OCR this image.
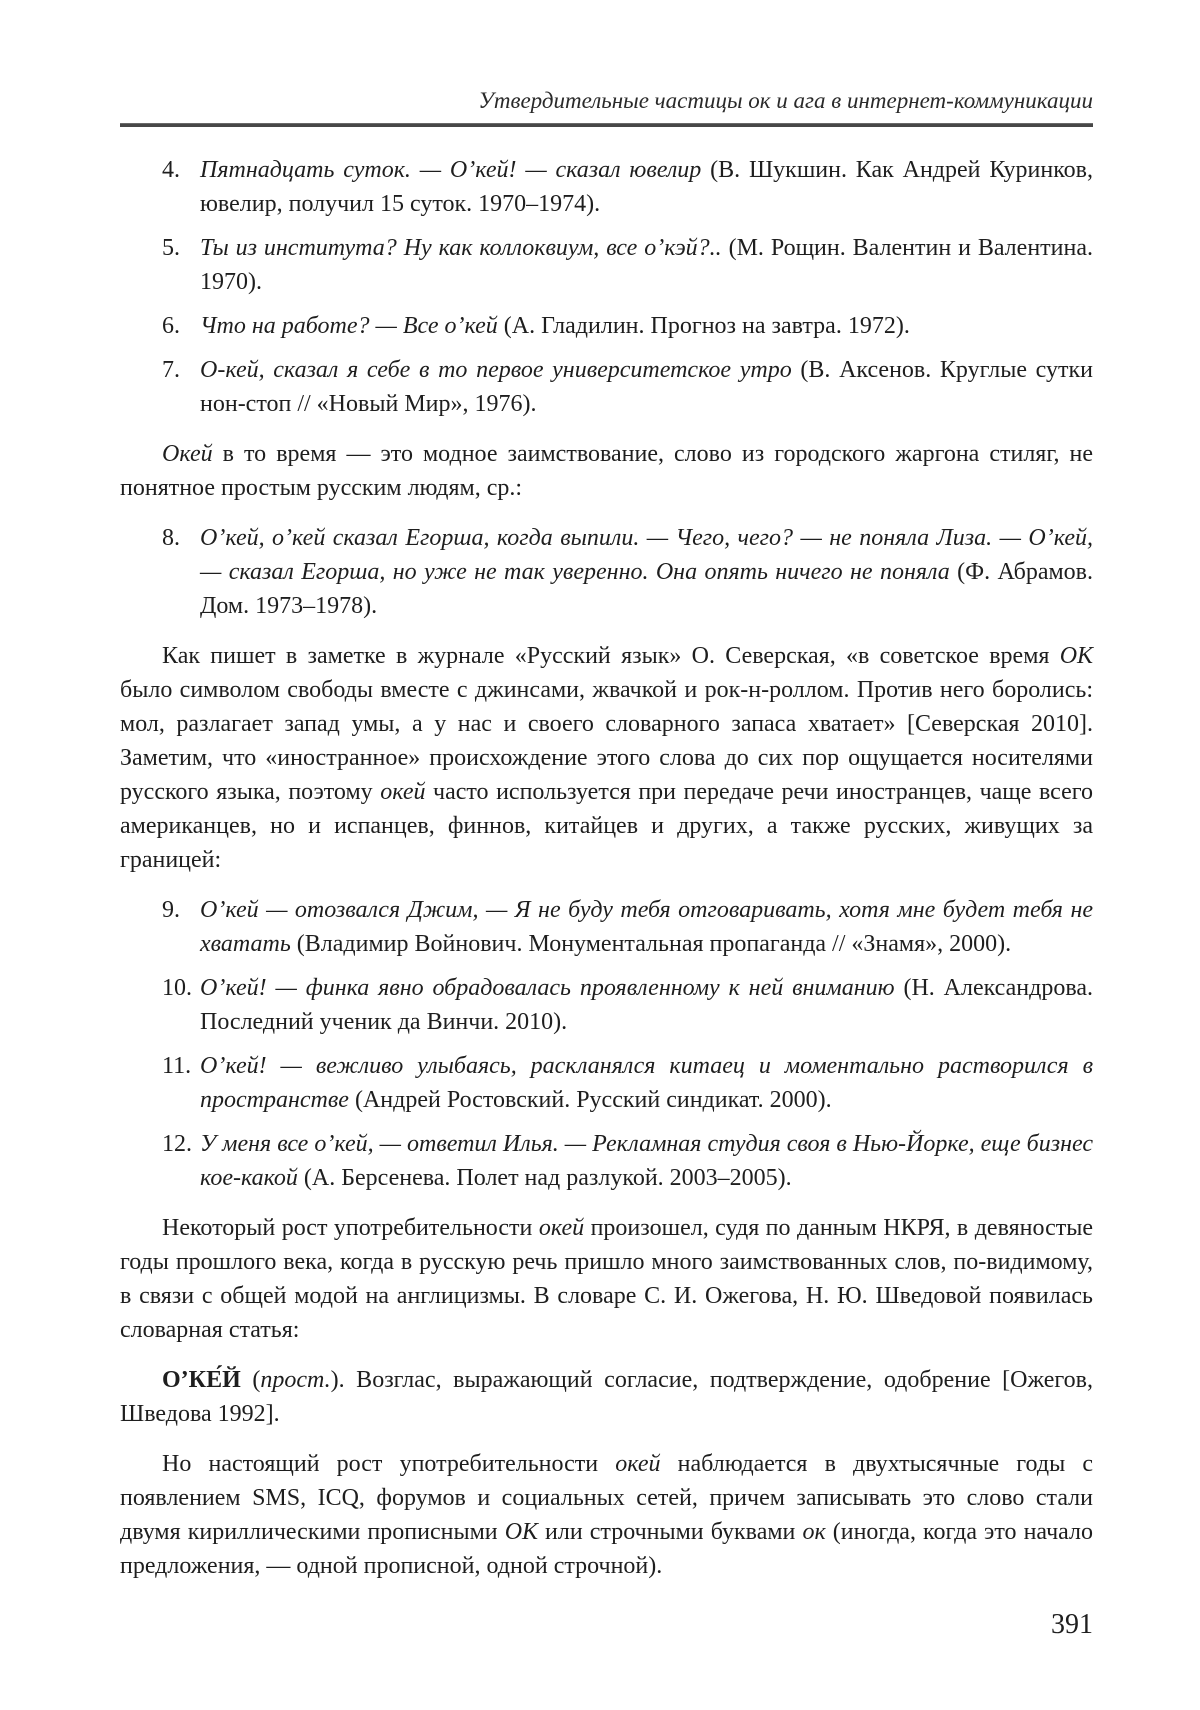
Утвердительные частицы ок и ага в интернет-коммуникации
4. Пятнадцать суток. — О’кей! — сказал ювелир (В. Шукшин. Как Андрей Куринков, ювелир, получил 15 суток. 1970–1974).
5. Ты из института? Ну как коллоквиум, все о’кэй?.. (М. Рощин. Валентин и Валентина. 1970).
6. Что на работе? — Все о’кей (А. Гладилин. Прогноз на завтра. 1972).
7. О-кей, сказал я себе в то первое университетское утро (В. Аксенов. Круглые сутки нон-стоп // «Новый Мир», 1976).

Окей в то время — это модное заимствование, слово из городского жаргона стиляг, не понятное простым русским людям, ср.:

8. О’кей, о’кей сказал Егорша, когда выпили. — Чего, чего? — не поняла Лиза. — О’кей, — сказал Егорша, но уже не так уверенно. Она опять ничего не поняла (Ф. Абрамов. Дом. 1973–1978).

Как пишет в заметке в журнале «Русский язык» О. Северская, «в советское время ОК было символом свободы вместе с джинсами, жвачкой и рок-н-роллом. Против него боролись: мол, разлагает запад умы, а у нас и своего словарного запаса хватает» [Северская 2010]. Заметим, что «иностранное» происхождение этого слова до сих пор ощущается носителями русского языка, поэтому окей часто используется при передаче речи иностранцев, чаще всего американцев, но и испанцев, финнов, китайцев и других, а также русских, живущих за границей:

9. О’кей — отозвался Джим, — Я не буду тебя отговаривать, хотя мне будет тебя не хватать (Владимир Войнович. Монументальная пропаганда // «Знамя», 2000).
10. О’кей! — финка явно обрадовалась проявленному к ней вниманию (Н. Александрова. Последний ученик да Винчи. 2010).
11. О’кей! — вежливо улыбаясь, раскланялся китаец и моментально растворился в пространстве (Андрей Ростовский. Русский синдикат. 2000).
12. У меня все о’кей, — ответил Илья. — Рекламная студия своя в Нью-Йорке, еще бизнес кое-какой (А. Берсенева. Полет над разлукой. 2003–2005).

Некоторый рост употребительности окей произошел, судя по данным НКРЯ, в девяностые годы прошлого века, когда в русскую речь пришло много заимствованных слов, по-видимому, в связи с общей модой на англицизмы. В словаре С. И. Ожегова, Н. Ю. Шведовой появилась словарная статья:

О’КЕ́Й (прост.). Возглас, выражающий согласие, подтверждение, одобрение [Ожегов, Шведова 1992].

Но настоящий рост употребительности окей наблюдается в двухтысячные годы с появлением SMS, ICQ, форумов и социальных сетей, причем записывать это слово стали двумя кириллическими прописными ОК или строчными буквами ок (иногда, когда это начало предложения, — одной прописной, одной строчной).

391
